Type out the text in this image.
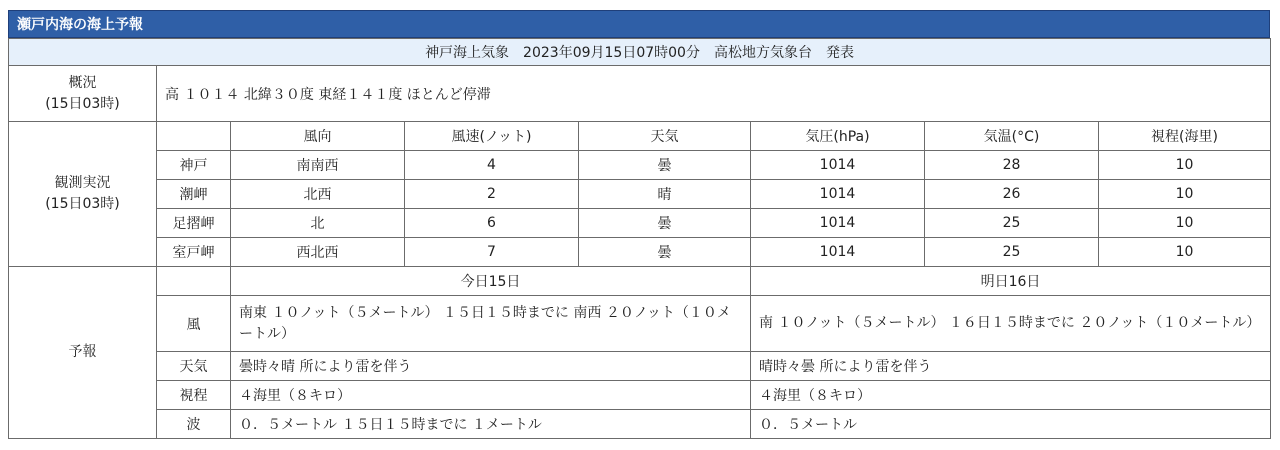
瀬戸内海の海上予報
神戸海上気象　2023年09月15日07時00分　高松地方気象台　発表							

概況
(15日03時)	高 １０１４ 北緯３０度 東経１４１度 ほとんど停滞						

観測実況
(15日03時)		風向	風速(ノット)	天気	気圧(hPa)	気温(°C)	視程(海里)
	神戸	南南西	4	曇	1014	28	10
	潮岬	北西	2	晴	1014	26	10
	足摺岬	北	6	曇	1014	25	10
	室戸岬	西北西	7	曇	1014	25	10
予報		今日15日			明日16日		
	風	南東 １０ノット（５メートル） １５日１５時までに 南西 ２０ノット（１０メートル）			南 １０ノット（５メートル） １６日１５時までに ２０ノット（１０メートル）		
	天気	曇時々晴 所により雷を伴う			晴時々曇 所により雷を伴う		
	視程	４海里（８キロ）			４海里（８キロ）		
	波	０．５メートル １５日１５時までに １メートル			０．５メートル		
